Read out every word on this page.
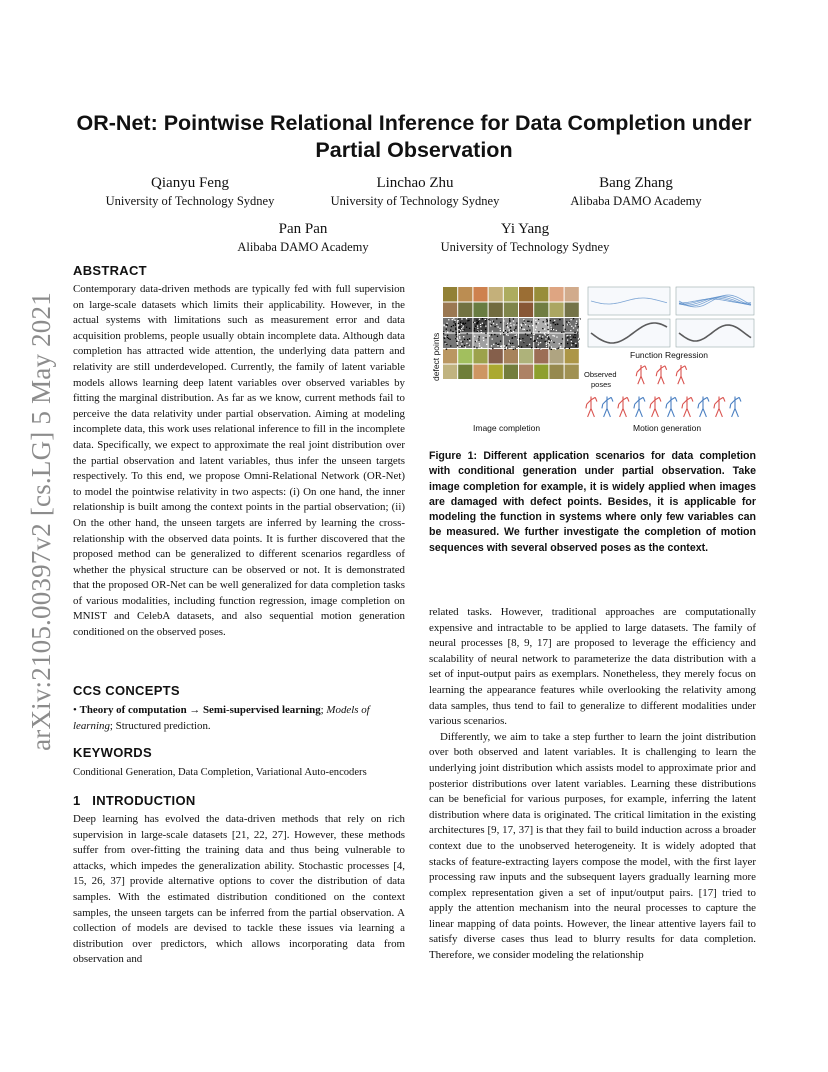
arXiv:2105.00397v2 [cs.LG] 5 May 2021
OR-Net: Pointwise Relational Inference for Data Completion under Partial Observation
Qianyu Feng
University of Technology Sydney
Linchao Zhu
University of Technology Sydney
Bang Zhang
Alibaba DAMO Academy
Pan Pan
Alibaba DAMO Academy
Yi Yang
University of Technology Sydney
ABSTRACT

Contemporary data-driven methods are typically fed with full supervision on large-scale datasets which limits their applicability. However, in the actual systems with limitations such as measurement error and data acquisition problems, people usually obtain incomplete data. Although data completion has attracted wide attention, the underlying data pattern and relativity are still underdeveloped. Currently, the family of latent variable models allows learning deep latent variables over observed variables by fitting the marginal distribution. As far as we know, current methods fail to perceive the data relativity under partial observation. Aiming at modeling incomplete data, this work uses relational inference to fill in the incomplete data. Specifically, we expect to approximate the real joint distribution over the partial observation and latent variables, thus infer the unseen targets respectively. To this end, we propose Omni-Relational Network (OR-Net) to model the pointwise relativity in two aspects: (i) On one hand, the inner relationship is built among the context points in the partial observation; (ii) On the other hand, the unseen targets are inferred by learning the cross-relationship with the observed data points. It is further discovered that the proposed method can be generalized to different scenarios regardless of whether the physical structure can be observed or not. It is demonstrated that the proposed OR-Net can be well generalized for data completion tasks of various modalities, including function regression, image completion on MNIST and CelebA datasets, and also sequential motion generation conditioned on the observed poses.

CCS CONCEPTS

• Theory of computation → Semi-supervised learning; Models of learning; Structured prediction.

KEYWORDS

Conditional Generation, Data Completion, Variational Auto-encoders

1 INTRODUCTION

Deep learning has evolved the data-driven methods that rely on rich supervision in large-scale datasets [21, 22, 27]. However, these methods suffer from over-fitting the training data and thus being vulnerable to attacks, which impedes the generalization ability. Stochastic processes [4, 15, 26, 37] provide alternative options to cover the distribution of data samples. With the estimated distribution conditioned on the context samples, the unseen targets can be inferred from the partial observation. A collection of models are devised to tackle these issues via learning a distribution over predictors, which allows incorporating data from observation and

defect points
Image completion
Function Regression
Observed
poses
Motion generation

Figure 1: Different application scenarios for data completion with conditional generation under partial observation. Take image completion for example, it is widely applied when images are damaged with defect points. Besides, it is applicable for modeling the function in systems where only few variables can be measured. We further investigate the completion of motion sequences with several observed poses as the context.

related tasks. However, traditional approaches are computationally expensive and intractable to be applied to large datasets. The family of neural processes [8, 9, 17] are proposed to leverage the efficiency and scalability of neural network to parameterize the data distribution with a set of input-output pairs as exemplars. Nonetheless, they merely focus on learning the appearance features while overlooking the relativity among data samples, thus tend to fail to generalize to different modalities under various scenarios.

Differently, we aim to take a step further to learn the joint distribution over both observed and latent variables. It is challenging to learn the underlying joint distribution which assists model to approximate prior and posterior distributions over latent variables. Learning these distributions can be beneficial for various purposes, for example, inferring the latent distribution where data is originated. The critical limitation in the existing architectures [9, 17, 37] is that they fail to build induction across a broader context due to the unobserved heterogeneity. It is widely adopted that stacks of feature-extracting layers compose the model, with the first layer processing raw inputs and the subsequent layers gradually learning more complex representation given a set of input/output pairs. [17] tried to apply the attention mechanism into the neural processes to capture the linear mapping of data points. However, the linear attentive layers fail to satisfy diverse cases thus lead to blurry results for data completion. Therefore, we consider modeling the relationship
